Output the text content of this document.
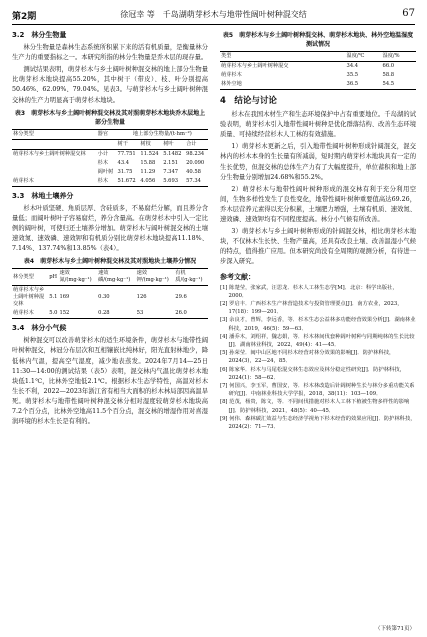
第2期	徐冠幸 等　千岛湖萌芽杉木与地带性阔叶树种混交结	67
3.2　林分生物量

林分生物量是森林生态系统所积累下来的活有机质量，是衡量林分生产力的重要指标之一。本研究所指的林分生物量是乔木层的现存量。

测试结果表明，萌芽杉木与乡土阔叶树种混交林的地上部分生物量比萌芽杉木地块提高55.20%，其中树干（带皮）、枝、叶分别提高50.46%、62.09%、79.04%。见表3。与萌芽杉木与乡土阔叶树种混交林的生产力明显高于萌芽杉木地块。

表3　萌芽杉木与乡土阔叶树种混交林及其对照萌芽杉木地块乔木层地上部分生物量
林分类型	器官	地上部分生物量/(t·hm⁻²)			
		树干	树枝	树叶	合计
萌芽杉木与乡土阔叶树种混交林	小计	77.751	11.524	5.1482	98.234
	杉木	43.4	15.88	2.151	20.090
	阔叶树	31.75	11.29	7.347	40.58
萌芽杉木	杉木	51.672	4.056	5.693	57.34
3.3　林地土壤养分

杉木叶质坚硬、角质层厚、含硅质多，不易腐烂分解，而且养分含量低；而阔叶树叶子容易腐烂，养分含量高。在萌芽杉木中引入一定比例的阔叶树，可使归还土壤养分增加。萌芽杉木与阔叶树混交林的土壤速效氮、速效磷、速效钾和有机质分别比萌芽杉木地块提高11.18%、7.14%、137.74%和13.85%（表4）。

表4　萌芽杉木与乡土阔叶树种混交林及其对照地块土壤养分情况
林分类型	pH	速效氮/(mg·kg⁻¹)	速效磷/(mg·kg⁻¹)	速效钾/(mg·kg⁻¹)	有机质/(g·kg⁻¹)
萌芽杉木与乡土阔叶树种混交林	5.1	169	0.30	126	29.6
萌芽杉木	5.0	152	0.28	53	26.0
3.4　林分小气候

树种混交可以改善萌芽杉木的适生环境条件，萌芽杉木与地带性阔叶树种混交，林冠分布层次和互相镶嵌比纯林好，阳光直射林地少，降低林内气温，提高空气湿度，减少地表蒸发。2024年7月14—25日11:30—14:00的测试结果（表5）表明，混交林内气温比萌芽杉木地块低1.1℃，比林外空地低2.1℃。根据杉木生态学特性，高温对杉木生长不利，2022—2023年浙江省有相当大面积的杉木林局部因高温旱死。萌芽杉木与地带性阔叶树种混交林分相对湿度较萌芽杉木地块高7.2个百分点，比林外空地高11.5个百分点，混交林的增湿作用对喜湿润环境的杉木生长是有利的。

表5　萌芽杉木与乡土阔叶树种混交林、萌芽杉木地块、林外空地温湿度测试情况
类型	温度/℃	湿度/%
萌芽杉木与乡土阔叶树种混交	34.4	66.0
萌芽杉木	35.5	58.8
林外空地	36.5	54.5
4　结论与讨论

杉木在我国木材生产和生态环境保护中占有重要地位。千岛湖的试验表明，萌芽杉木引入地带性阔叶树种是优化群落结构、改善生态环境质量、可持续经营杉木人工林的有效措施。

1）萌芽杉木更新之后，引入地带性阔叶树种形成针阔混交，混交林内的杉木本身的生长量有所减弱，短时期内萌芽杉木地块具有一定的生长优势，但混交林的总体生产力有了大幅度提升，单位蓄积和地上部分生物量分别增加24.68%和55.2%。

2）萌芽杉木与地带性阔叶树种形成的混交林有利于充分利用空间，生物多样性发生了良性变化，地带性阔叶树种重要值高达69.26，乔木层营养元素得以充分积累，土壤肥力增强，土壤有机质、速效氮、速效磷、速效钾均有不同程度提高。林分小气候有所改善。

3）萌芽杉木与乡土阔叶树种形成的针阔混交林，相比萌芽杉木地块，不仅林木生长快、生物产量高，还具有改良土壤、改善温湿小气候的特点，值得推广应用。但本研究尚没有全周期的观测分析，有待进一步深入研究。

参考文献：
[1] 陈楚莹，张家武，汪思龙．杉木人工林生态学[M]．北京：科学出版社，2000．
[2] 罗启丰．广西杉木生产林营造技术与投资管理要点[J]．南方农业，2023，17(18)：199—201．
[3] 余良才，曾辉，李远香，等．杉木生态公益林多功能经营效果分析[J]．湖南林业科技，2019，46(5)：59—63．
[4] 潘乔木，刘绍祥，魏志娟，等．杉木林间伐套种阔叶树种与同期纯林的生长比较[J]．湖南林业科技，2022，49(4)：41—45．
[5] 孙荣莹．闽中山区地不同杉木经营对林分效果的影响[J]．防护林科技，2024(3)，22—24，85．
[6] 陈家华．杉木与马尾松混交林生态效应及林分稳定性研究[J]．防护林科技，2024(1)：58—62．
[7] 何国兴，李玉军，曹国安，等．杉木林改造后针阔树种生长与林分多重功能关系研究[J]．中南林业科技大学学报，2018，38(11)：103—109．
[8] 范茂，杨贵，陈文，等．不同间伐措施对杉木人工林下植被生物多样性的影响[J]．防护林科技，2021，48(5)：40—45．
[9] 何伟．森林碳汇效益与生态经济学视角下杉木经营的效果应用[J]．防护林科技，2024(2)：71—73．
（下转第71页）
